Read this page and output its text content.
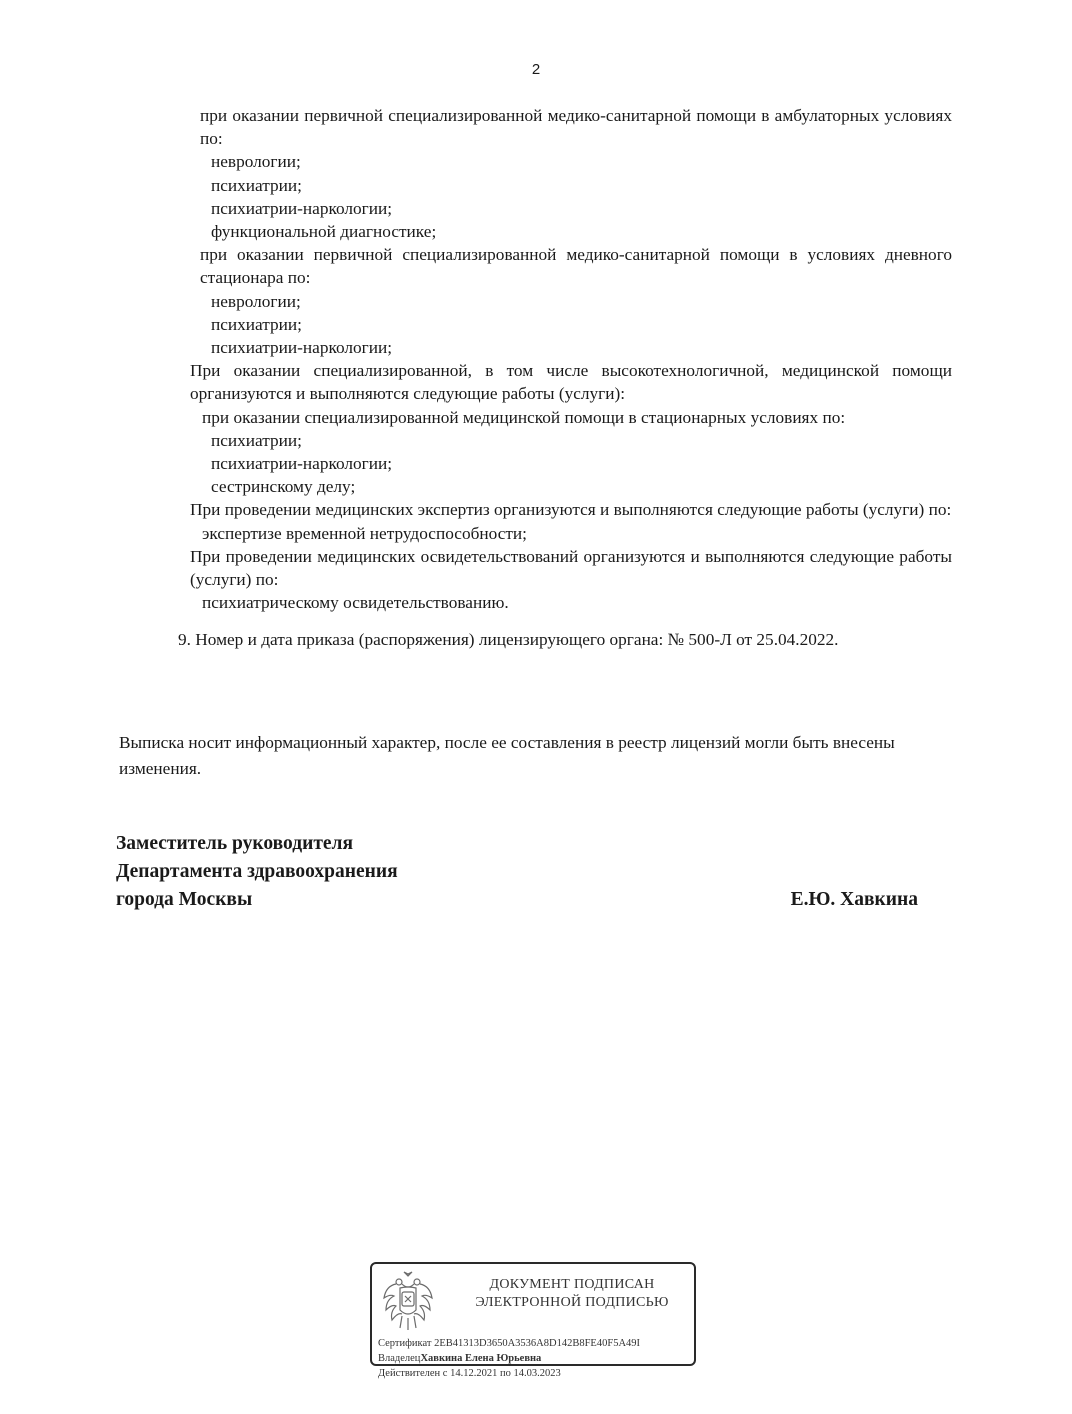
2

при оказании первичной специализированной медико-санитарной помощи в амбулаторных условиях по:

неврологии;

психиатрии;

психиатрии-наркологии;

функциональной диагностике;

при оказании первичной специализированной медико-санитарной помощи в условиях дневного стационара по:

неврологии;

психиатрии;

психиатрии-наркологии;

При оказании специализированной, в том числе высокотехнологичной, медицинской помощи организуются и выполняются следующие работы (услуги):

при оказании специализированной медицинской помощи в стационарных условиях по:

психиатрии;

психиатрии-наркологии;

сестринскому делу;

При проведении медицинских экспертиз организуются и выполняются следующие работы (услуги) по:

экспертизе временной нетрудоспособности;

При проведении медицинских освидетельствований организуются и выполняются следующие работы (услуги) по:

психиатрическому освидетельствованию.

9. Номер и дата приказа (распоряжения) лицензирующего органа: № 500-Л от 25.04.2022.

Выписка носит информационный характер, после ее составления в реестр лицензий могли быть внесены изменения.
Заместитель руководителя
Департамента здравоохранения
города Москвы	Е.Ю. Хавкина
ДОКУМЕНТ ПОДПИСАН
ЭЛЕКТРОННОЙ ПОДПИСЬЮ
Сертификат 2EB41313D3650A3536A8D142B8FE40F5A49I
ВладелецХавкина Елена Юрьевна
Действителен с 14.12.2021 по 14.03.2023
